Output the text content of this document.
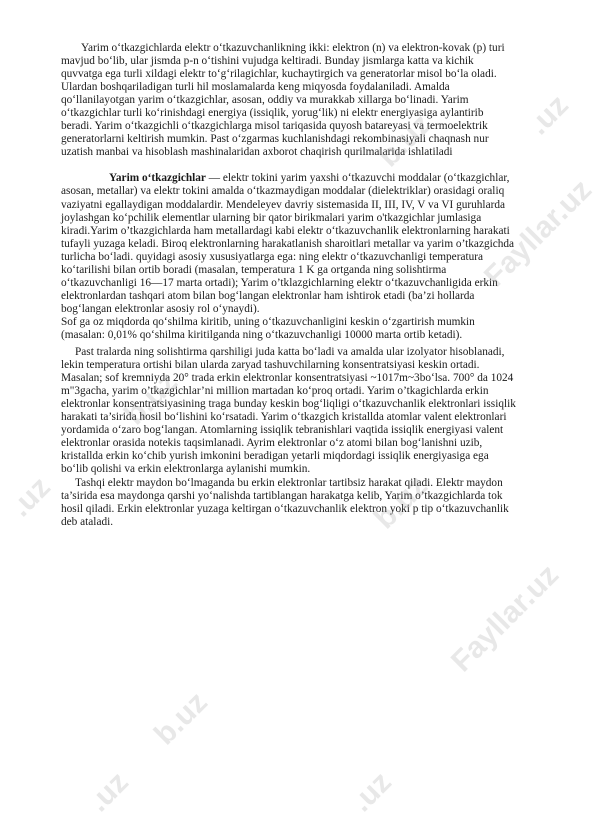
Yarim o‘tkazgichlarda elektr o‘tkazuvchanlikning ikki: elektron (n) va elektron-kovak (p) turi mavjud bo‘lib, ular jismda p-n o‘tishini vujudga keltiradi. Bunday jismlarga katta va kichik quvvatga ega turli xildagi elektr to‘g‘rilagichlar, kuchaytirgich va generatorlar misol bo‘la oladi. Ulardan boshqariladigan turli hil moslamalarda keng miqyosda foydalaniladi. Amalda qo‘llanilayotgan yarim o‘tkazgichlar, asosan, oddiy va murakkab xillarga bo‘linadi. Yarim o‘tkazgichlar turli ko‘rinishdagi energiya (issiqlik, yorug‘lik) ni elektr energiyasiga aylantirib beradi. Yarim o‘tkazgichli o‘tkazgichlarga misol tariqasida quyosh batareyasi va termoelektrik generatorlarni keltirish mumkin. Past o‘zgarmas kuchlanishdagi rekombinasiyali chaqnash nur uzatish manbai va hisoblash mashinalaridan axborot chaqirish qurilmalarida ishlatiladi

Yarim o‘tkazgichlar — elektr tokini yarim yaxshi o‘tkazuvchi moddalar (o‘tkazgichlar, asosan, metallar) va elektr tokini amalda o‘tkazmaydigan moddalar (dielektriklar) orasidagi oraliq vaziyatni egallaydigan moddalardir. Mendeleyev davriy sistemasida II, III, IV, V va VI guruhlarda joylashgan ko‘pchilik elementlar ularning bir qator birikmalari yarim o'tkazgichlar jumlasiga kiradi.Yarim o’tkazgichlarda ham metallardagi kabi elektr o‘tkazuvchanlik elektronlarning harakati tufayli yuzaga keladi. Biroq elektronlarning harakatlanish sharoitlari metallar va yarim o’tkazgichda turlicha bo‘ladi. quyidagi asosiy xususiyatlarga ega: ning elektr o‘tkazuvchanligi temperatura ko‘tarilishi bilan ortib boradi (masalan, temperatura 1 K ga ortganda ning solishtirma o‘tkazuvchanligi 16—17 marta ortadi); Yarim o’tklazgichlarning elektr o‘tkazuvchanligida erkin elektronlardan tashqari atom bilan bog‘langan elektronlar ham ishtirok etadi (ba’zi hollarda bog‘langan elektronlar asosiy rol o‘ynaydi).

Sof ga oz miqdorda qo‘shilma kiritib, uning o‘tkazuvchanligini keskin o‘zgartirish mumkin (masalan: 0,01% qo‘shilma kiritilganda ning o‘tkazuvchanligi 10000 marta ortib ketadi).

Past tralarda ning solishtirma qarshiligi juda katta bo‘ladi va amalda ular izolyator hisoblanadi, lekin temperatura ortishi bilan ularda zaryad tashuvchilarning konsentratsiyasi keskin ortadi. Masalan; sof kremniyda 20° trada erkin elektronlar konsentratsiyasi ~1017m~3bo‘lsa. 700° da 1024 m"3gacha, yarim o’tkazgichlar’ni million martadan ko‘proq ortadi. Yarim o’tkagichlarda erkin elektronlar konsentratsiyasining traga bunday keskin bog‘liqligi o‘tkazuvchanlik elektronlari issiqlik harakati ta’sirida hosil bo‘lishini ko‘rsatadi. Yarim o‘tkazgich kristallda atomlar valent elektronlari yordamida o‘zaro bog‘langan. Atomlarning issiqlik tebranishlari vaqtida issiqlik energiyasi valent elektronlar orasida notekis taqsimlanadi. Ayrim elektronlar o‘z atomi bilan bog‘lanishni uzib, kristallda erkin ko‘chib yurish imkonini beradigan yetarli miqdordagi issiqlik energiyasiga ega bo‘lib qolishi va erkin elektronlarga aylanishi mumkin.

Tashqi elektr maydon bo‘lmaganda bu erkin elektronlar tartibsiz harakat qiladi. Elektr maydon ta’sirida esa maydonga qarshi yo‘nalishda tartiblangan harakatga kelib, Yarim o’tkazgichlarda tok hosil qiladi. Erkin elektronlar yuzaga keltirgan o‘tkazuvchanlik elektron yoki p tip o‘tkazuvchanlik deb ataladi.

b.uz
Fayllar.uz
Fayllar.uz
.uz
b.uz
b.uz
.uz
b.uz
.uz
.uz
